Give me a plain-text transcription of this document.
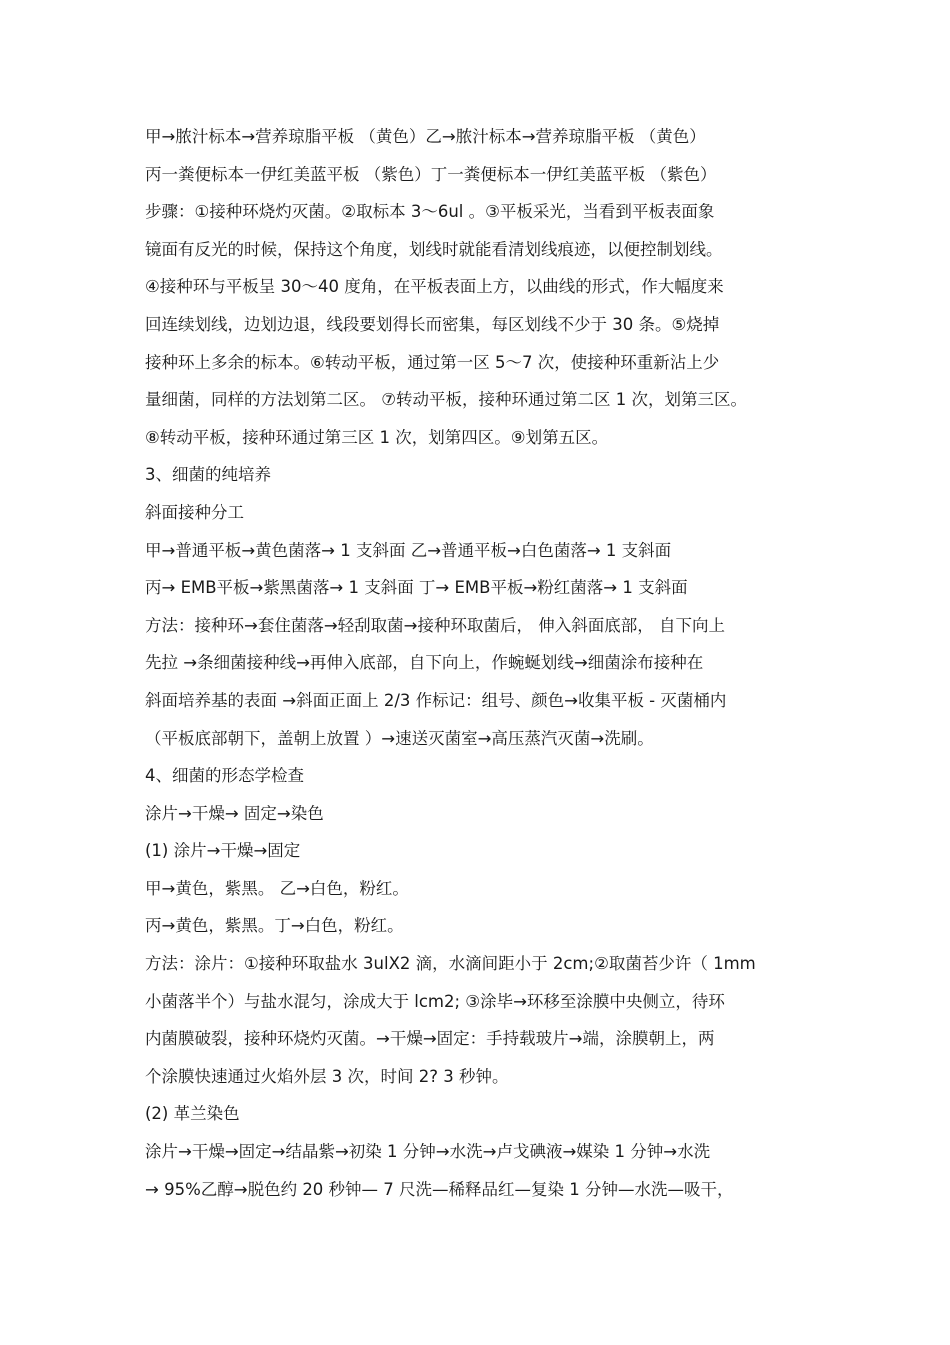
甲→脓汁标本→营养琼脂平板 （黄色）乙→脓汁标本→营养琼脂平板 （黄色）
丙一粪便标本一伊红美蓝平板 （紫色）丁一粪便标本一伊红美蓝平板 （紫色）
步骤：①接种环烧灼灭菌。②取标本 3～6ul 。③平板采光，当看到平板表面象
镜面有反光的时候，保持这个角度，划线时就能看清划线痕迹，以便控制划线。
④接种环与平板呈 30～40 度角，在平板表面上方，以曲线的形式，作大幅度来
回连续划线，边划边退，线段要划得长而密集，每区划线不少于 30 条。⑤烧掉
接种环上多余的标本。⑥转动平板，通过第一区 5～7 次，使接种环重新沾上少
量细菌，同样的方法划第二区。 ⑦转动平板，接种环通过第二区 1 次，划第三区。
⑧转动平板，接种环通过第三区 1 次，划第四区。⑨划第五区。
3、细菌的纯培养
斜面接种分工
甲→普通平板→黄色菌落→ 1 支斜面 乙→普通平板→白色菌落→ 1 支斜面
丙→ EMB平板→紫黑菌落→ 1 支斜面 丁→ EMB平板→粉红菌落→ 1 支斜面
方法：接种环→套住菌落→轻刮取菌→接种环取菌后， 伸入斜面底部， 自下向上
先拉 →条细菌接种线→再伸入底部，自下向上，作蜿蜒划线→细菌涂布接种在
斜面培养基的表面 →斜面正面上 2/3 作标记：组号、颜色→收集平板 - 灭菌桶内
（平板底部朝下，盖朝上放置 ）→速送灭菌室→高压蒸汽灭菌→洗刷。
4、细菌的形态学检查
涂片→干燥→ 固定→染色
(1) 涂片→干燥→固定
甲→黄色，紫黑。 乙→白色，粉红。
丙→黄色，紫黑。丁→白色，粉红。
方法：涂片：①接种环取盐水 3ulX2 滴，水滴间距小于 2cm;②取菌苔少许（ 1mm
小菌落半个）与盐水混匀，涂成大于 lcm2; ③涂毕→环移至涂膜中央侧立，待环
内菌膜破裂，接种环烧灼灭菌。→干燥→固定：手持载玻片→端，涂膜朝上，两
个涂膜快速通过火焰外层 3 次，时间 2? 3 秒钟。
(2) 革兰染色
涂片→干燥→固定→结晶紫→初染 1 分钟→水洗→卢戈碘液→媒染 1 分钟→水洗
→ 95%乙醇→脱色约 20 秒钟— 7 尺洗—稀释品红—复染 1 分钟—水洗—吸干，
